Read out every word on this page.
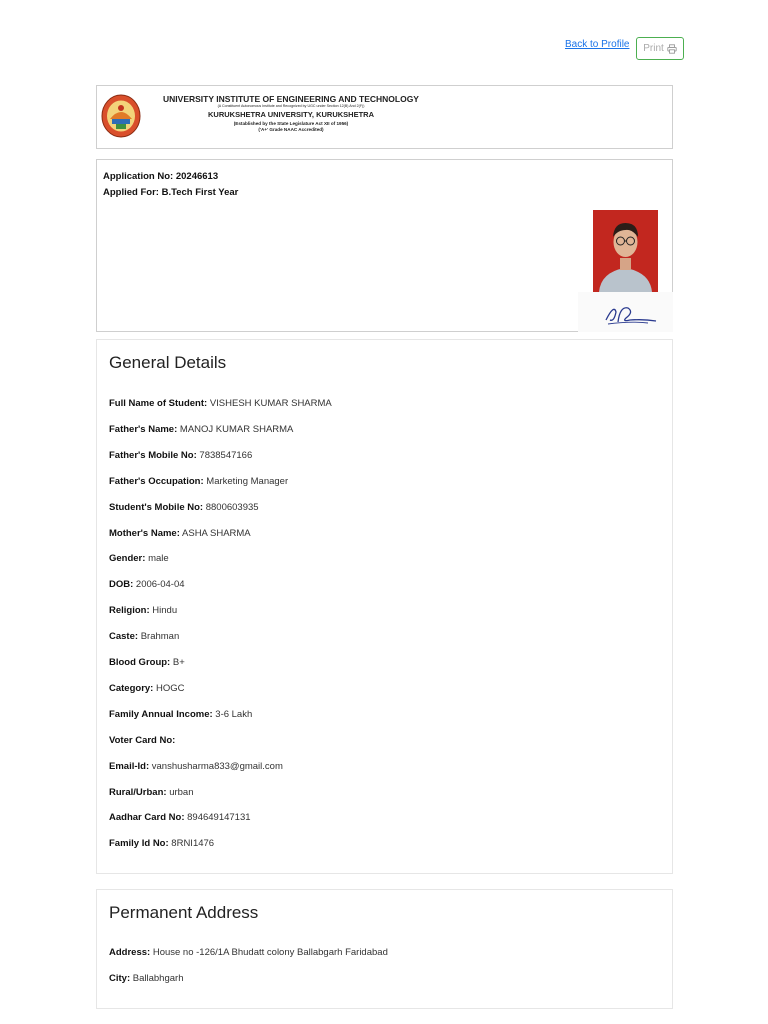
Back to Profile Print
UNIVERSITY INSTITUTE OF ENGINEERING AND TECHNOLOGY
(A Constituent Autonomous Institute and Recognized by UGC under Section 12(B) And 2(F))
KURUKSHETRA UNIVERSITY, KURUKSHETRA
(Established by the State Legislature Act XII of 1956)
('A+' Grade NAAC Accredited)
Application No: 20246613
Applied For: B.Tech First Year
General Details
Full Name of Student: VISHESH KUMAR SHARMA
Father's Name: MANOJ KUMAR SHARMA
Father's Mobile No: 7838547166
Father's Occupation: Marketing Manager
Student's Mobile No: 8800603935
Mother's Name: ASHA SHARMA
Gender: male
DOB: 2006-04-04
Religion: Hindu
Caste: Brahman
Blood Group: B+
Category: HOGC
Family Annual Income: 3-6 Lakh
Voter Card No:
Email-Id: vanshusharma833@gmail.com
Rural/Urban: urban
Aadhar Card No: 894649147131
Family Id No: 8RNI1476
Permanent Address
Address: House no -126/1A Bhudatt colony Ballabgarh Faridabad
City: Ballabhgarh
